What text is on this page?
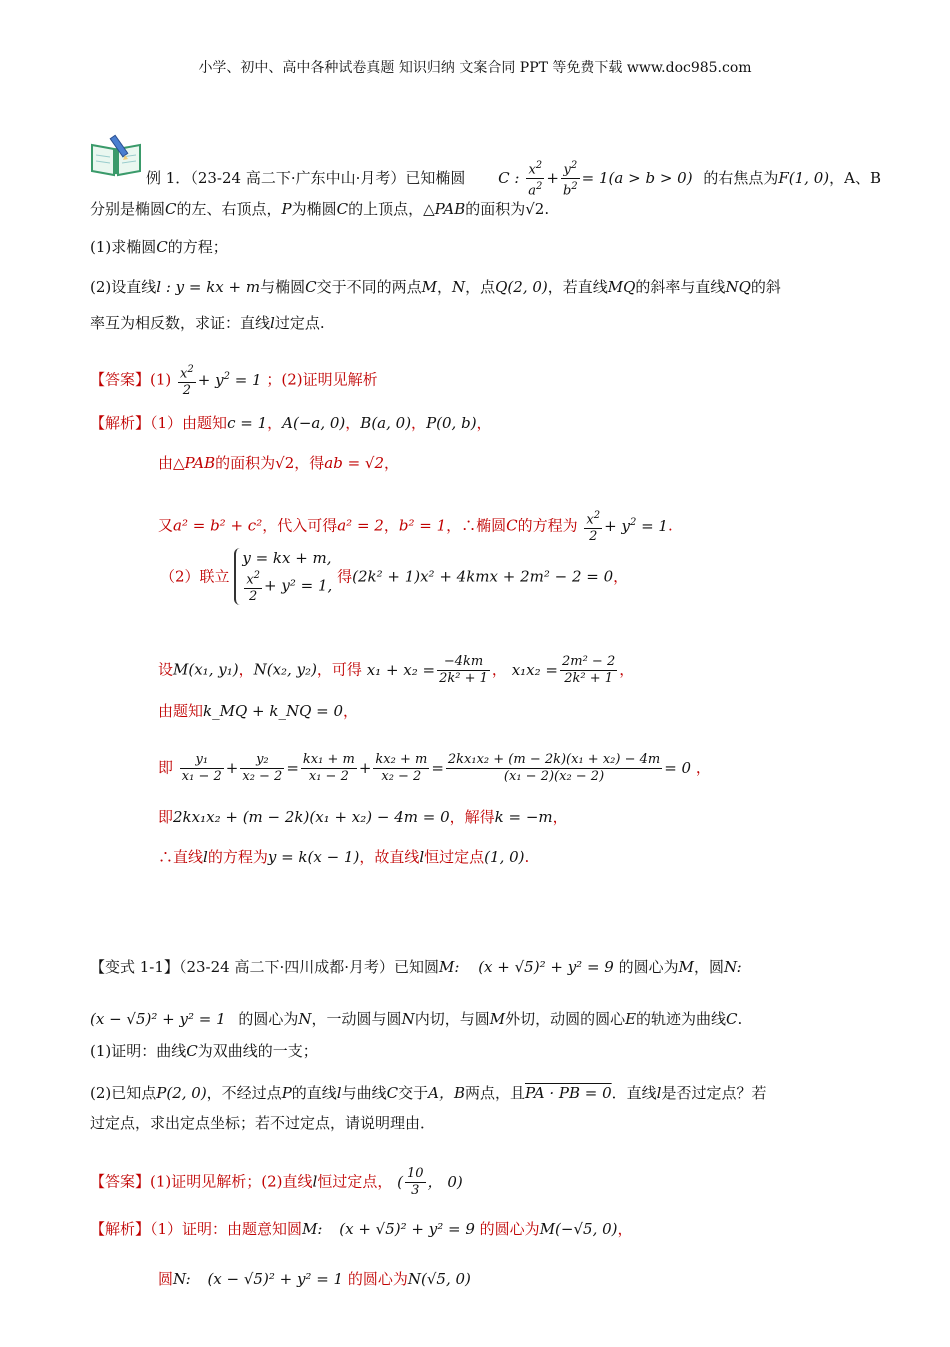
小学、初中、高中各种试卷真题 知识归纳 文案合同 PPT 等免费下载 www.doc985.com
例 1．（23-24 高二下·广东中山·月考）已知椭圆 C : $\frac{x^2}{a^2} + \frac{y^2}{b^2} = 1(a > b > 0)$ 的右焦点为F(1, 0)，A、B
分别是椭圆C的左、右顶点，P为椭圆C的上顶点，△PAB的面积为√2.
(1)求椭圆C的方程；
(2)设直线l : y = kx + m与椭圆C交于不同的两点M，N，点Q(2, 0)，若直线MQ的斜率与直线NQ的斜
率互为相反数，求证：直线l过定点.
【答案】$(1) \frac{x^2}{2} + y^2 = 1$ ；(2)证明见解析
【解析】（1）由题知c = 1，A(−a, 0)，B(a, 0)，P(0, b)，
由△PAB的面积为√2，得ab = √2，
又a² = b² + c²，代入可得a² = 2，b² = 1，∴椭圆C的方程为 $\frac{x^2}{2} + y^2 = 1$.
（2）联立
y = kx + m,
$\frac{x^2}{2} + y^2 = 1$, 得(2k² + 1)x² + 4kmx + 2m² − 2 = 0，
设M(x₁, y₁)，N(x₂, y₂)，可得 $x_1 + x_2 = \frac{-4km}{\text{2k² + 1}}$ ， $x_1x_2 = \frac{\text{2m² − 2}}{\text{2k² + 1}}$ ，
由题知k_MQ + k_NQ = 0，
即 $\frac{\text{y₁}}{\text{x₁ − 2}} + \frac{\text{y₂}}{\text{x₂ − 2}} = \frac{\text{kx₁ + m}}{\text{x₁ − 2}} + \frac{\text{kx₂ + m}}{\text{x₂ − 2}} = \frac{\text{2kx₁x₂ + (m − 2k)(x₁ + x₂) − 4m}}{\text{(x₁ − 2)(x₂ − 2)}} = 0$ ，
即2kx₁x₂ + (m − 2k)(x₁ + x₂) − 4m = 0，解得k = −m，
∴直线l的方程为y = k(x − 1)，故直线l恒过定点(1, 0).
【变式 1-1】（23-24 高二下·四川成都·月考）已知圆M: (x + √5)² + y² = 9 的圆心为M，圆N:
(x − √5)² + y² = 1 的圆心为N，一动圆与圆N内切，与圆M外切，动圆的圆心E的轨迹为曲线C.
(1)证明：曲线C为双曲线的一支；
(2)已知点P(2, 0)，不经过点P的直线l与曲线C交于A，B两点，且PA · PB = 0．直线l是否过定点？若
过定点，求出定点坐标；若不过定点，请说明理由．
【答案】(1)证明见解析；(2)直线l恒过定点， ( $\frac{10}{3}$ ， 0)
【解析】（1）证明：由题意知圆M: (x + √5)² + y² = 9 的圆心为M(−√5, 0)，
圆N: (x − √5)² + y² = 1 的圆心为N(√5, 0)
